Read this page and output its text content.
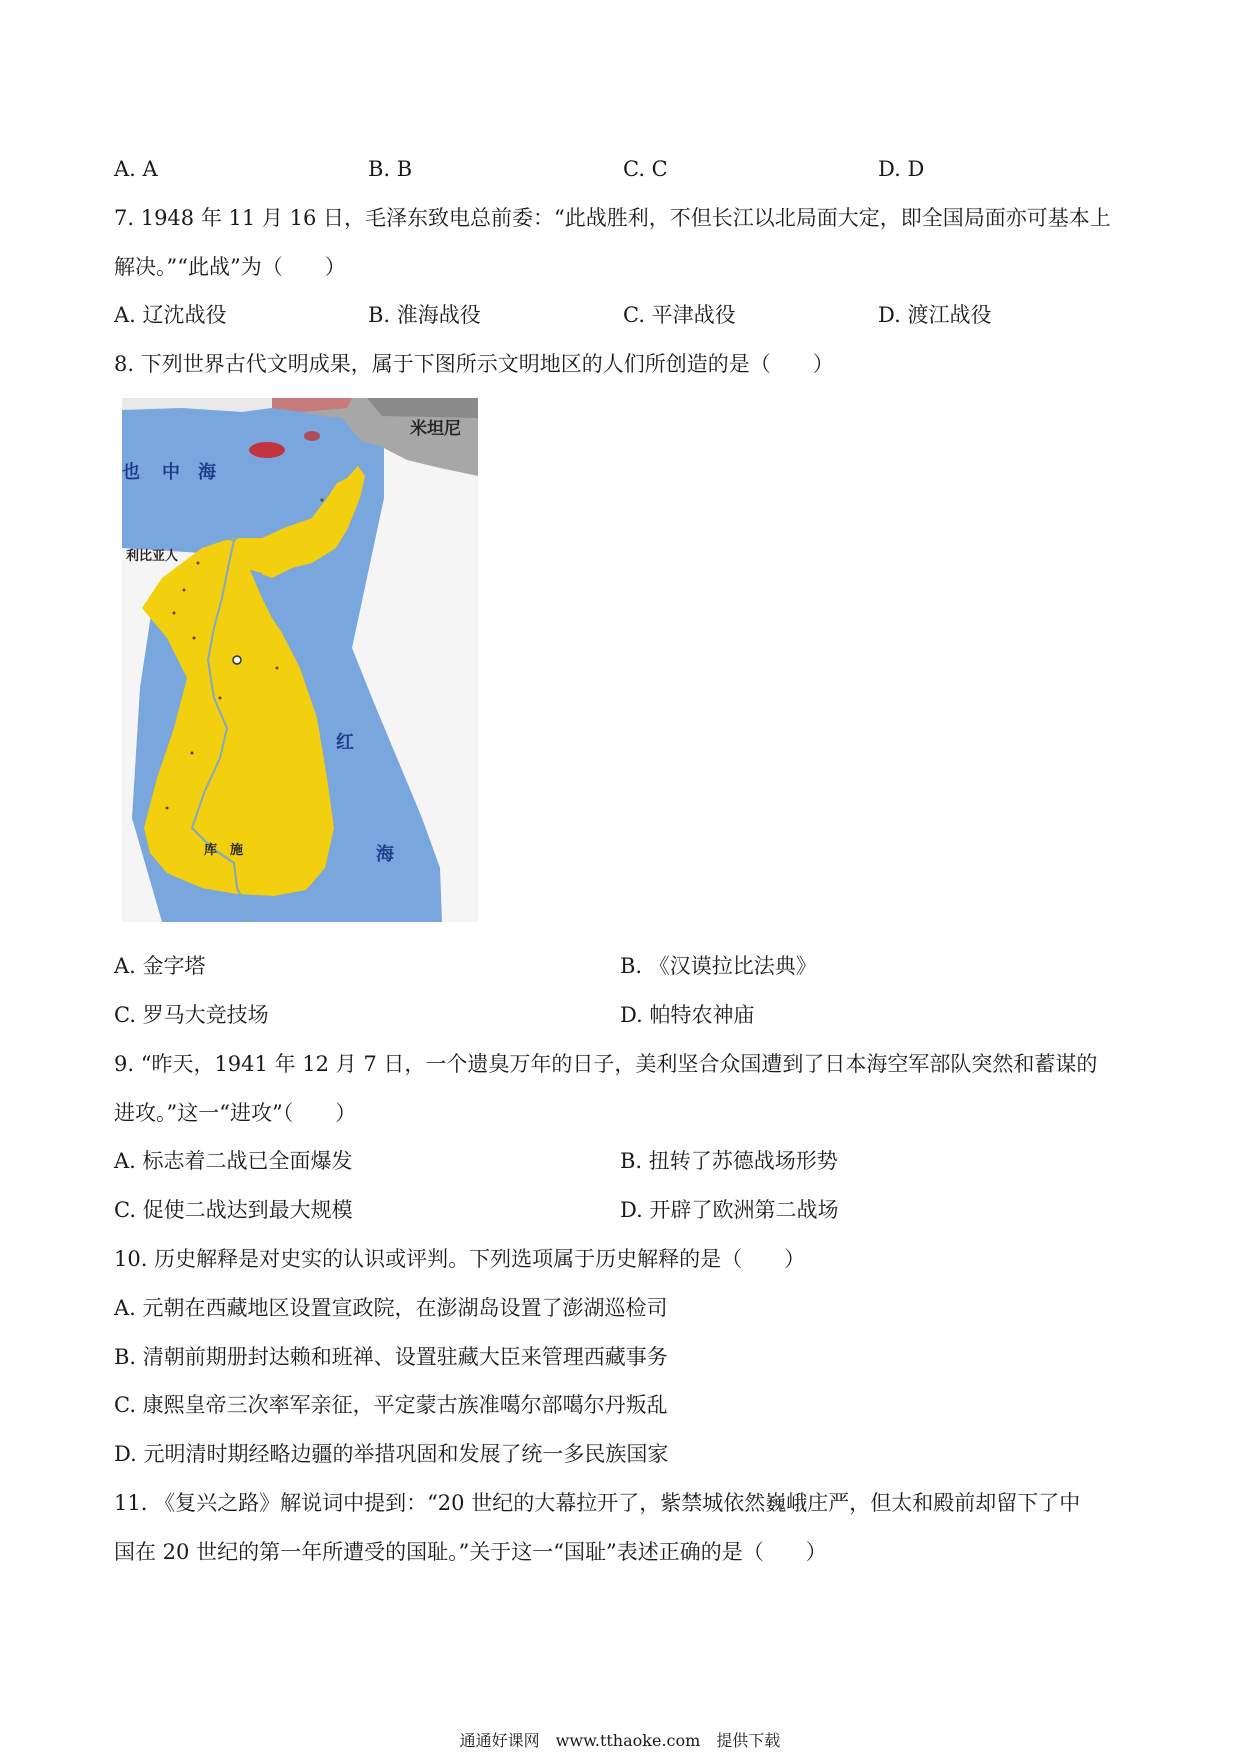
A. A	B. B	C. C	D. D
7. 1948 年 11 月 16 日，毛泽东致电总前委：“此战胜利，不但长江以北局面大定，即全国局面亦可基本上
解决。”“此战”为（　　）
A. 辽沈战役	B. 淮海战役	C. 平津战役	D. 渡江战役
8. 下列世界古代文明成果，属于下图所示文明地区的人们所创造的是（　　）
也 中　海
红
海
利比亚人
米坦尼
库　施
A. 金字塔	B. 《汉谟拉比法典》
C. 罗马大竞技场	D. 帕特农神庙
9. “昨天，1941 年 12 月 7 日，一个遗臭万年的日子，美利坚合众国遭到了日本海空军部队突然和蓄谋的
进攻。”这一“进攻”（　　）
A. 标志着二战已全面爆发	B. 扭转了苏德战场形势
C. 促使二战达到最大规模	D. 开辟了欧洲第二战场
10. 历史解释是对史实的认识或评判。下列选项属于历史解释的是（　　）
A. 元朝在西藏地区设置宣政院，在澎湖岛设置了澎湖巡检司
B. 清朝前期册封达赖和班禅、设置驻藏大臣来管理西藏事务
C. 康熙皇帝三次率军亲征，平定蒙古族准噶尔部噶尔丹叛乱
D. 元明清时期经略边疆的举措巩固和发展了统一多民族国家
11. 《复兴之路》解说词中提到：“20 世纪的大幕拉开了，紫禁城依然巍峨庄严，但太和殿前却留下了中
国在 20 世纪的第一年所遭受的国耻。”关于这一“国耻”表述正确的是（　　）
通通好课网　www.tthaoke.com　提供下载
